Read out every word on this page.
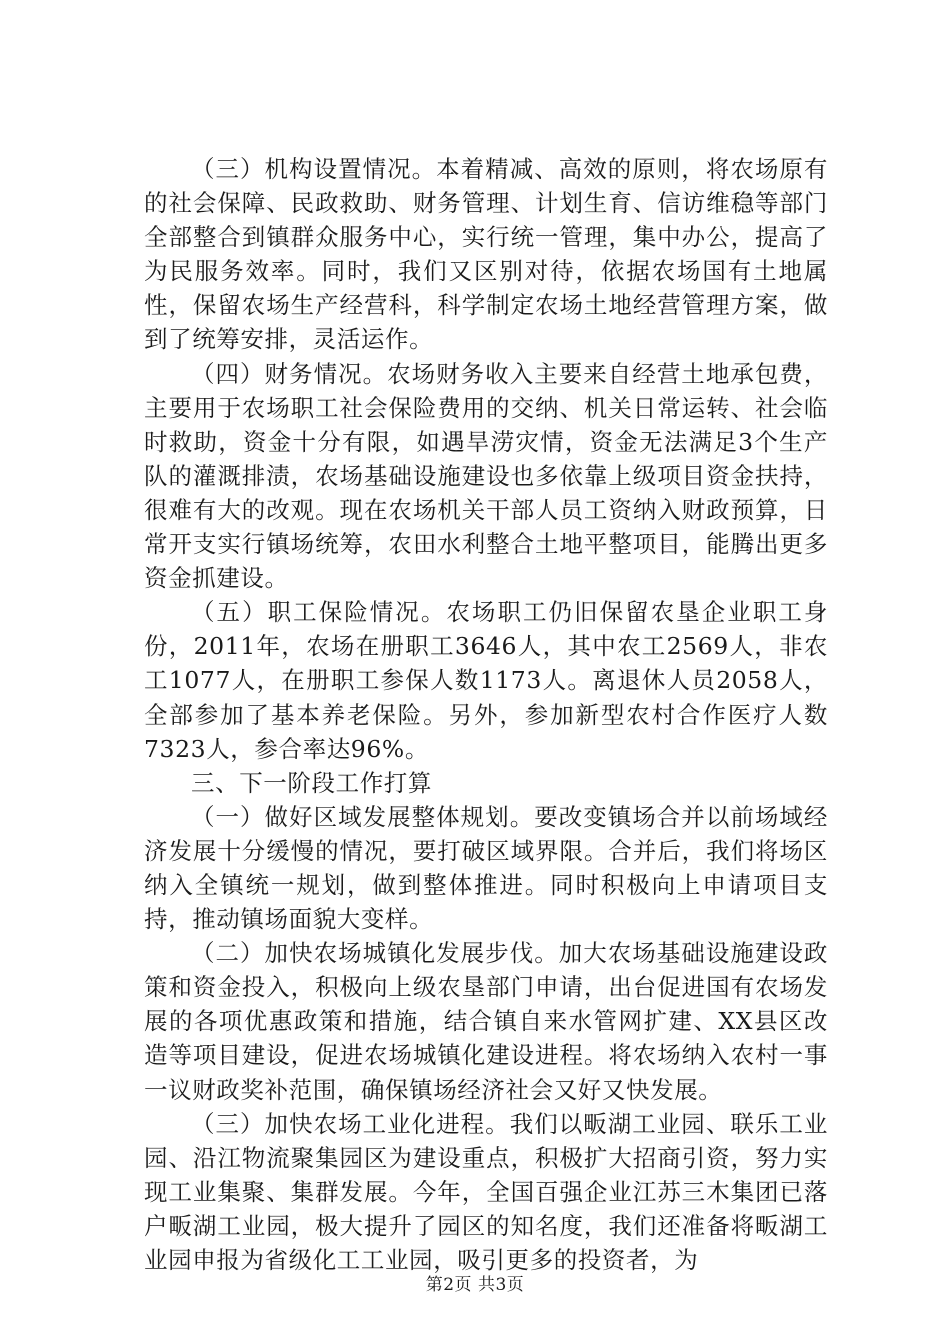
（三）机构设置情况。本着精减、高效的原则，将农场原有的社会保障、民政救助、财务管理、计划生育、信访维稳等部门全部整合到镇群众服务中心，实行统一管理，集中办公，提高了为民服务效率。同时，我们又区别对待，依据农场国有土地属性，保留农场生产经营科，科学制定农场土地经营管理方案，做到了统筹安排，灵活运作。

（四）财务情况。农场财务收入主要来自经营土地承包费，主要用于农场职工社会保险费用的交纳、机关日常运转、社会临时救助，资金十分有限，如遇旱涝灾情，资金无法满足3个生产队的灌溉排渍，农场基础设施建设也多依靠上级项目资金扶持，很难有大的改观。现在农场机关干部人员工资纳入财政预算，日常开支实行镇场统筹，农田水利整合土地平整项目，能腾出更多资金抓建设。

（五）职工保险情况。农场职工仍旧保留农垦企业职工身份，2011年，农场在册职工3646人，其中农工2569人，非农工1077人，在册职工参保人数1173人。离退休人员2058人，全部参加了基本养老保险。另外，参加新型农村合作医疗人数7323人，参合率达96%。

三、下一阶段工作打算

（一）做好区域发展整体规划。要改变镇场合并以前场域经济发展十分缓慢的情况，要打破区域界限。合并后，我们将场区纳入全镇统一规划，做到整体推进。同时积极向上申请项目支持，推动镇场面貌大变样。

（二）加快农场城镇化发展步伐。加大农场基础设施建设政策和资金投入，积极向上级农垦部门申请，出台促进国有农场发展的各项优惠政策和措施，结合镇自来水管网扩建、XX县区改造等项目建设，促进农场城镇化建设进程。将农场纳入农村一事一议财政奖补范围，确保镇场经济社会又好又快发展。

（三）加快农场工业化进程。我们以畈湖工业园、联乐工业园、沿江物流聚集园区为建设重点，积极扩大招商引资，努力实现工业集聚、集群发展。今年，全国百强企业江苏三木集团已落户畈湖工业园，极大提升了园区的知名度，我们还准备将畈湖工业园申报为省级化工工业园，吸引更多的投资者，为

第2页 共3页
